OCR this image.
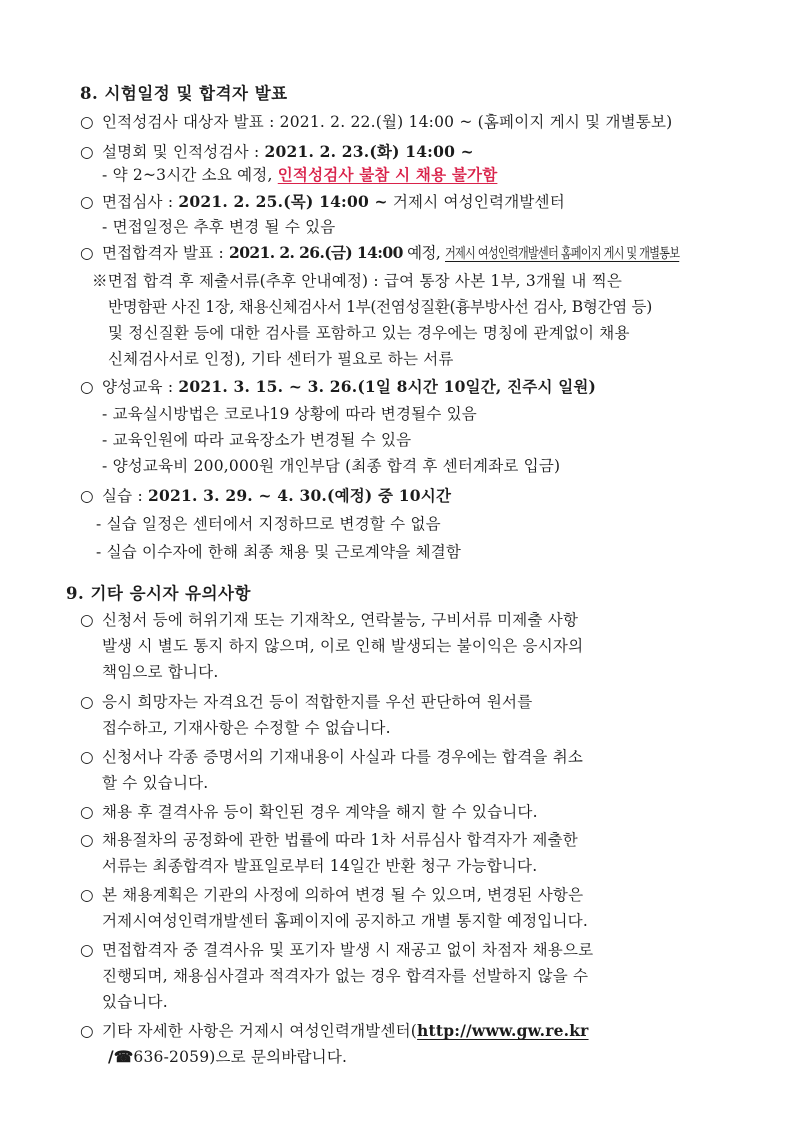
8. 시험일정 및 합격자 발표
○ 인적성검사 대상자 발표 : 2021. 2. 22.(월) 14:00 ~ (홈페이지 게시 및 개별통보)
○ 설명회 및 인적성검사 : 2021. 2. 23.(화) 14:00 ~
- 약 2~3시간 소요 예정, 인적성검사 불참 시 채용 불가함
○ 면접심사 : 2021. 2. 25.(목) 14:00 ~ 거제시 여성인력개발센터
- 면접일정은 추후 변경 될 수 있음
○ 면접합격자 발표 : 2021. 2. 26.(금) 14:00 예정, 거제시 여성인력개발센터 홈페이지 게시 및 개별통보
※면접 합격 후 제출서류(추후 안내예정) : 급여 통장 사본 1부, 3개월 내 찍은
반명함판 사진 1장, 채용신체검사서 1부(전염성질환(흉부방사선 검사, B형간염 등)
및 정신질환 등에 대한 검사를 포함하고 있는 경우에는 명칭에 관계없이 채용
신체검사서로 인정), 기타 센터가 필요로 하는 서류
○ 양성교육 : 2021. 3. 15. ~ 3. 26.(1일 8시간 10일간, 진주시 일원)
- 교육실시방법은 코로나19 상황에 따라 변경될수 있음
- 교육인원에 따라 교육장소가 변경될 수 있음
- 양성교육비 200,000원 개인부담 (최종 합격 후 센터계좌로 입금)
○ 실습 : 2021. 3. 29. ~ 4. 30.(예정) 중 10시간
- 실습 일정은 센터에서 지정하므로 변경할 수 없음
- 실습 이수자에 한해 최종 채용 및 근로계약을 체결함
9. 기타 응시자 유의사항
○ 신청서 등에 허위기재 또는 기재착오, 연락불능, 구비서류 미제출 사항
발생 시 별도 통지 하지 않으며, 이로 인해 발생되는 불이익은 응시자의
책임으로 합니다.
○ 응시 희망자는 자격요건 등이 적합한지를 우선 판단하여 원서를
접수하고, 기재사항은 수정할 수 없습니다.
○ 신청서나 각종 증명서의 기재내용이 사실과 다를 경우에는 합격을 취소
할 수 있습니다.
○ 채용 후 결격사유 등이 확인된 경우 계약을 해지 할 수 있습니다.
○ 채용절차의 공정화에 관한 법률에 따라 1차 서류심사 합격자가 제출한
서류는 최종합격자 발표일로부터 14일간 반환 청구 가능합니다.
○ 본 채용계획은 기관의 사정에 의하여 변경 될 수 있으며, 변경된 사항은
거제시여성인력개발센터 홈페이지에 공지하고 개별 통지할 예정입니다.
○ 면접합격자 중 결격사유 및 포기자 발생 시 재공고 없이 차점자 채용으로
진행되며, 채용심사결과 적격자가 없는 경우 합격자를 선발하지 않을 수
있습니다.
○ 기타 자세한 사항은 거제시 여성인력개발센터(http://www.gw.re.kr
/☎636-2059)으로 문의바랍니다.
